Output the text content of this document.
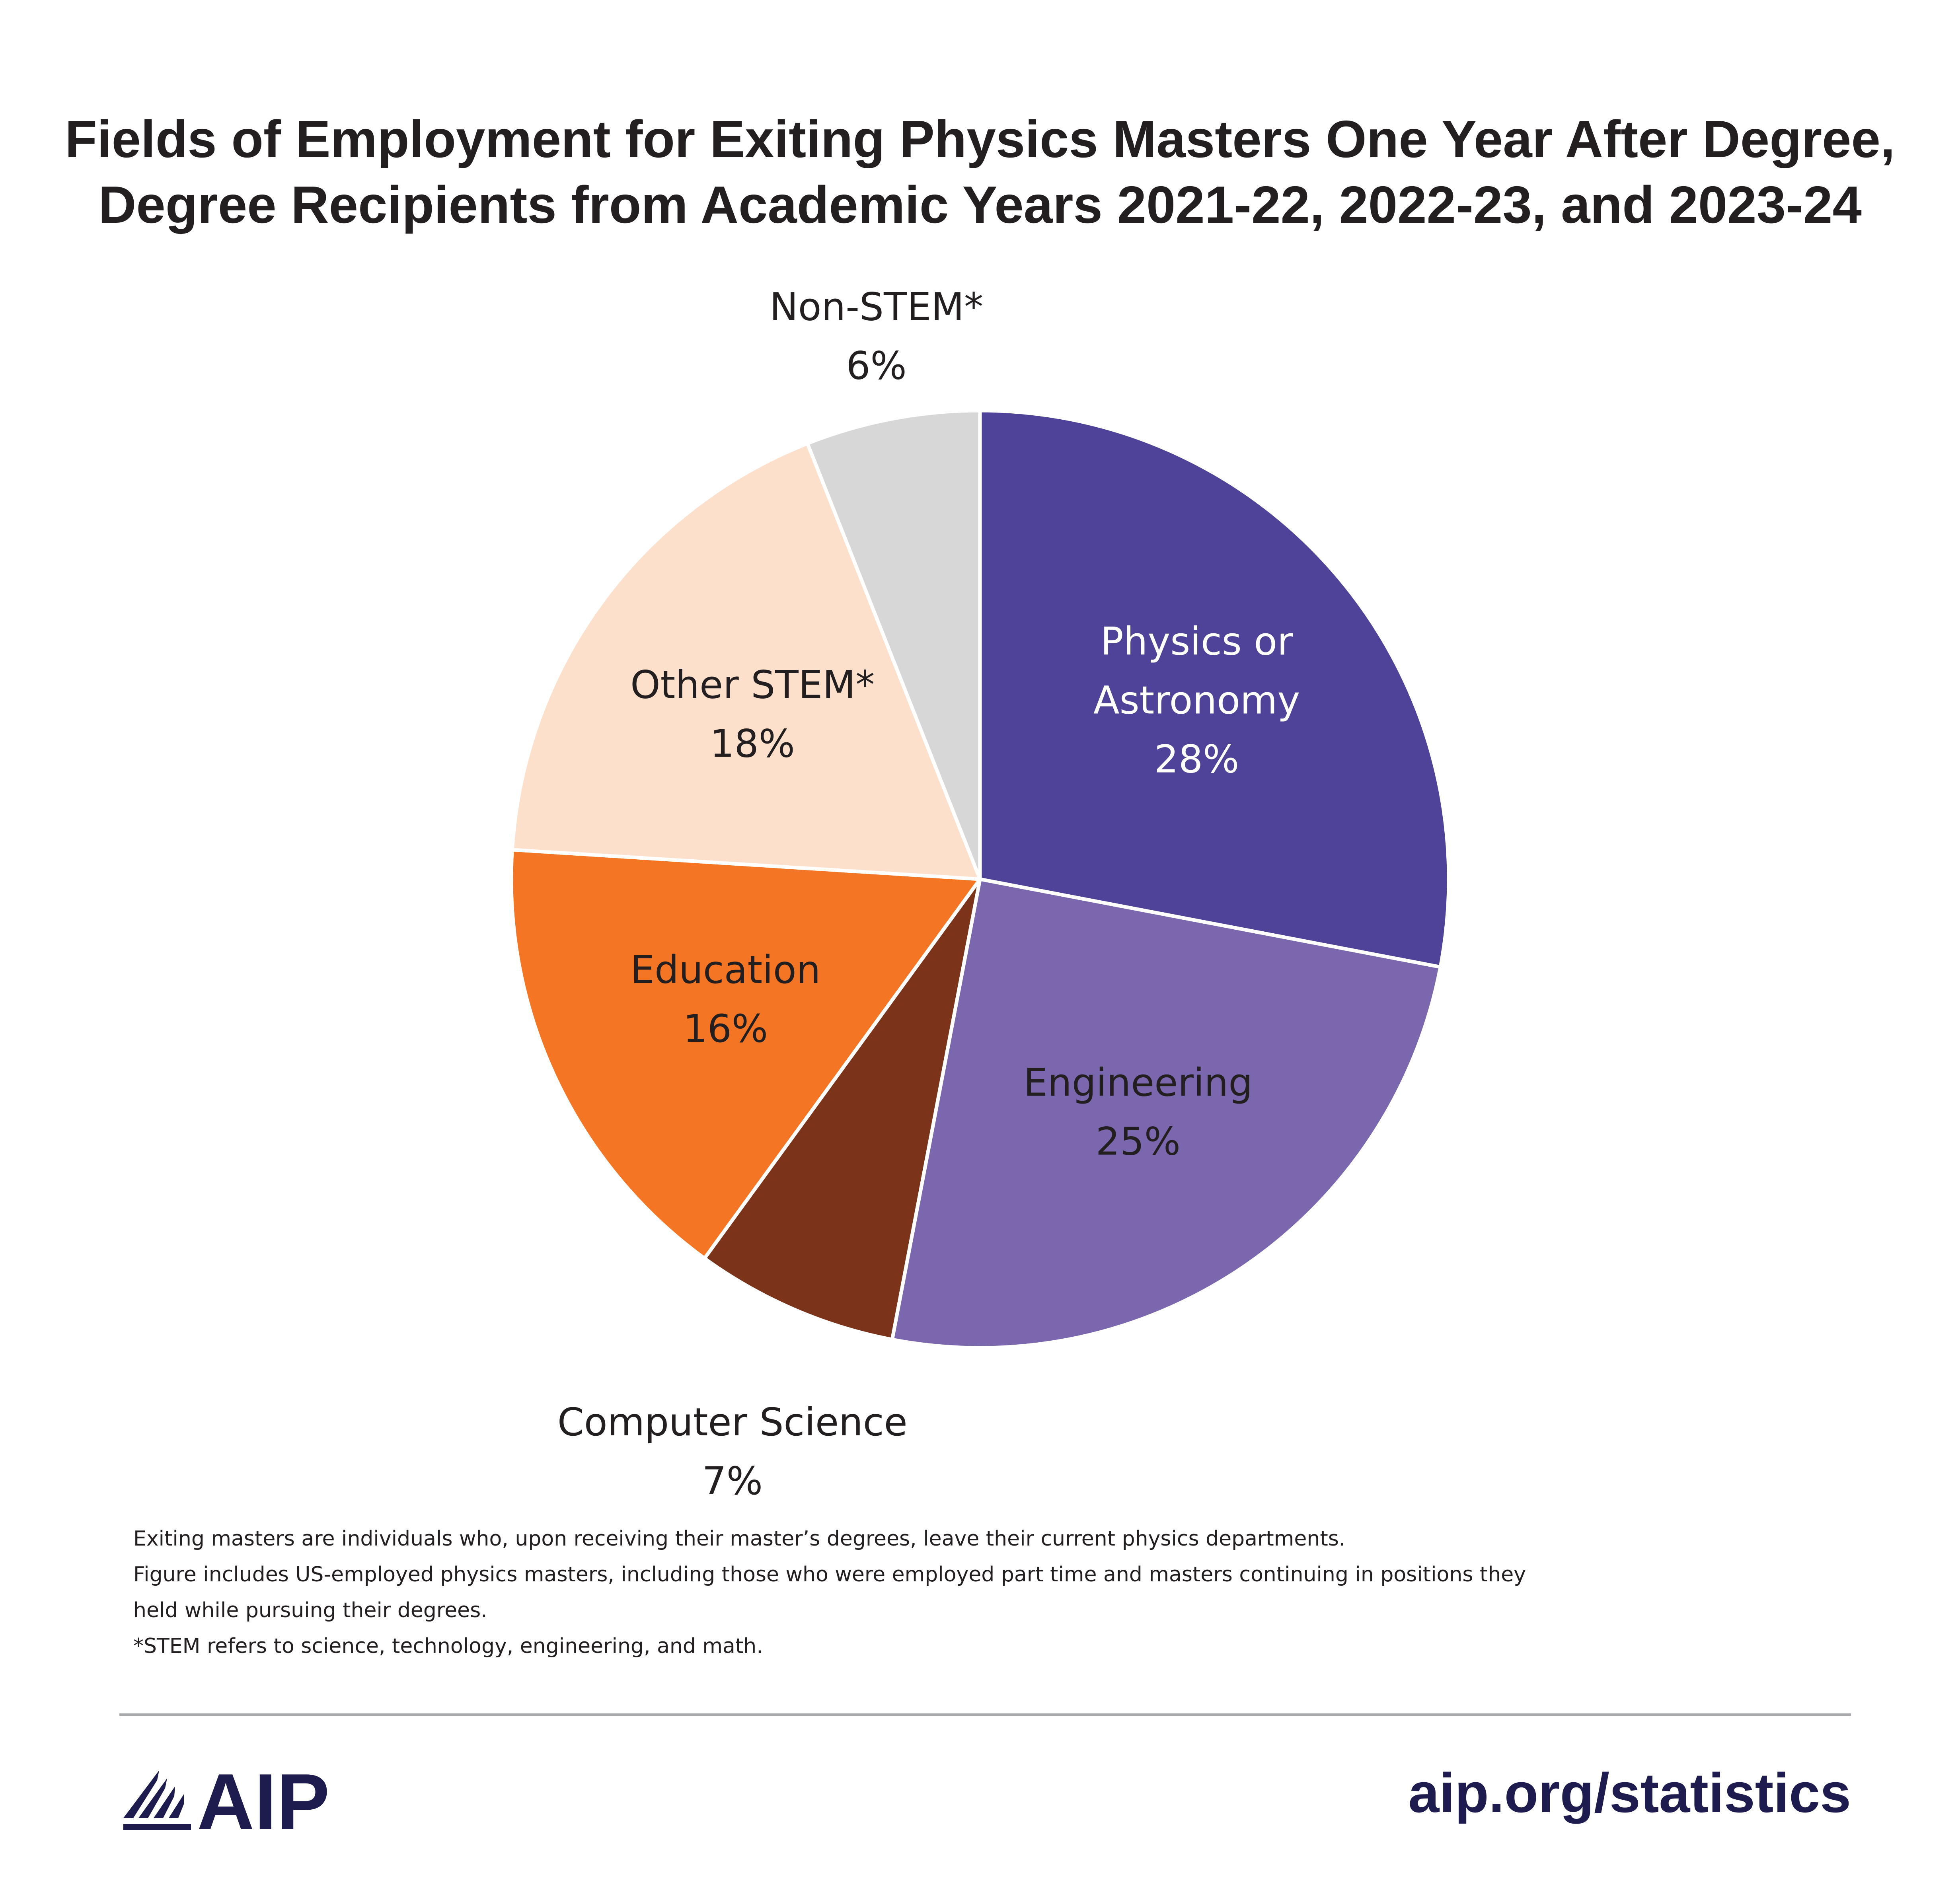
Fields of Employment for Exiting Physics Masters One Year After Degree,
Degree Recipients from Academic Years 2021-22, 2022-23, and 2023-24
Physics or
Astronomy
28%
Engineering
25%
Computer Science
7%
Education
16%
Other STEM*
18%
Non-STEM*
6%
Exiting masters are individuals who, upon receiving their master’s degrees, leave their current physics departments.
Figure includes US-employed physics masters, including those who were employed part time and masters continuing in positions they
held while pursuing their degrees.
*STEM refers to science, technology, engineering, and math.
AIP	aip.org/statistics
